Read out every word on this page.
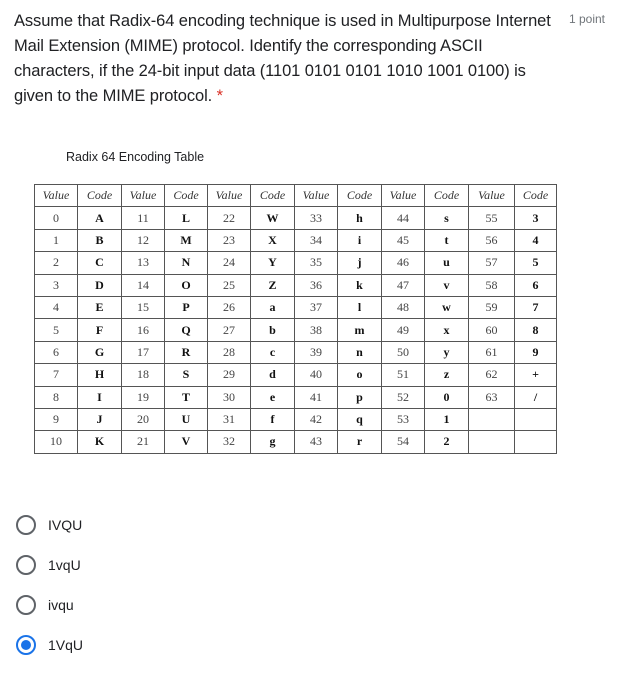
Assume that Radix-64 encoding technique is used in Multipurpose Internet Mail Extension (MIME) protocol. Identify the corresponding ASCII characters, if the 24-bit input data (1101 0101 0101 1010 1001 0100) is given to the MIME protocol. *
1 point
Radix 64 Encoding Table
Value	Code	Value	Code	Value	Code	Value	Code	Value	Code	Value	Code
0	A	11	L	22	W	33	h	44	s	55	3
1	B	12	M	23	X	34	i	45	t	56	4
2	C	13	N	24	Y	35	j	46	u	57	5
3	D	14	O	25	Z	36	k	47	v	58	6
4	E	15	P	26	a	37	l	48	w	59	7
5	F	16	Q	27	b	38	m	49	x	60	8
6	G	17	R	28	c	39	n	50	y	61	9
7	H	18	S	29	d	40	o	51	z	62	+
8	I	19	T	30	e	41	p	52	0	63	/
9	J	20	U	31	f	42	q	53	1		
10	K	21	V	32	g	43	r	54	2		
IVQU
1vqU
ivqu
1VqU
